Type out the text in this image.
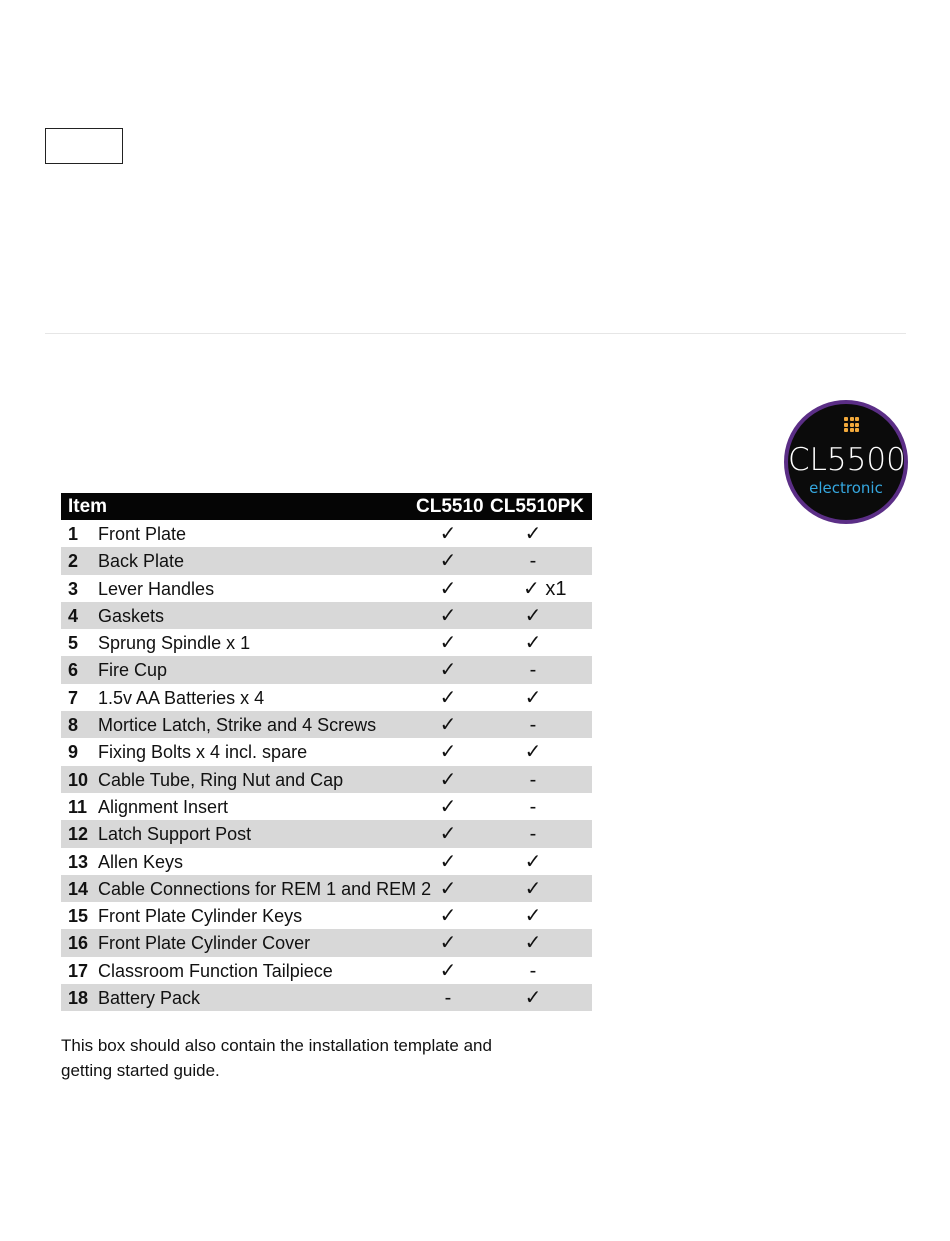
CL5500
electronic
Item	CL5510 CL5510PK
1 Front Plate	✓	✓
2 Back Plate	✓	-
3 Lever Handles	✓	✓ x1
4 Gaskets	✓	✓
5 Sprung Spindle x 1	✓	✓
6 Fire Cup	✓	-
7 1.5v AA Batteries x 4	✓	✓
8 Mortice Latch, Strike and 4 Screws	✓	-
9 Fixing Bolts x 4 incl. spare	✓	✓
10 Cable Tube, Ring Nut and Cap	✓	-
11 Alignment Insert	✓	-
12 Latch Support Post	✓	-
13 Allen Keys	✓	✓
14 Cable Connections for REM 1 and REM 2 ✓	✓
15 Front Plate Cylinder Keys	✓	✓
16 Front Plate Cylinder Cover	✓	✓
17 Classroom Function Tailpiece	✓	-
18 Battery Pack	-	✓
This box should also contain the installation template and getting started guide.
